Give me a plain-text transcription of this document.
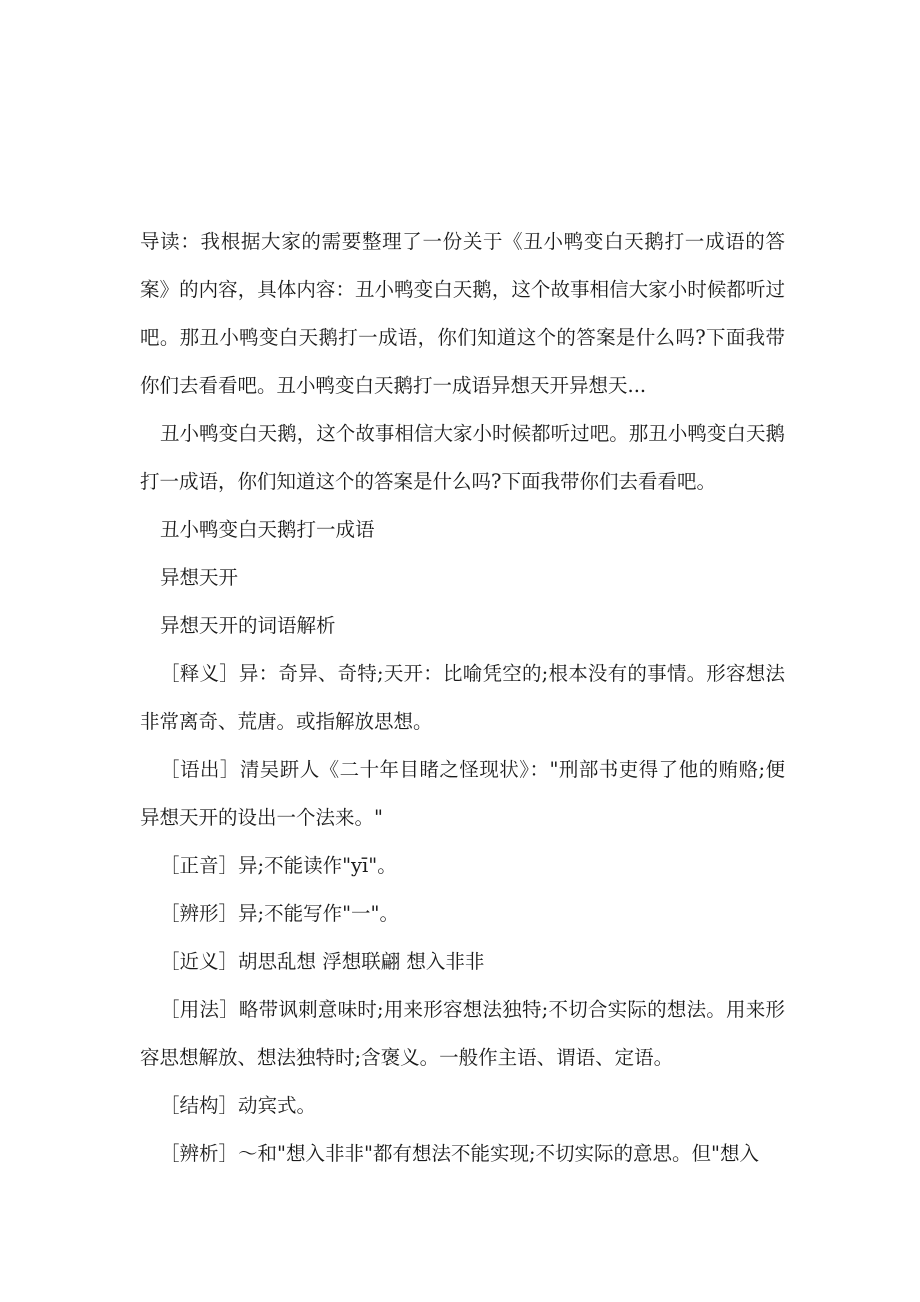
导读：我根据大家的需要整理了一份关于《丑小鸭变白天鹅打一成语的答案》的内容，具体内容：丑小鸭变白天鹅，这个故事相信大家小时候都听过吧。那丑小鸭变白天鹅打一成语，你们知道这个的答案是什么吗?下面我带你们去看看吧。丑小鸭变白天鹅打一成语异想天开异想天...

丑小鸭变白天鹅，这个故事相信大家小时候都听过吧。那丑小鸭变白天鹅打一成语，你们知道这个的答案是什么吗?下面我带你们去看看吧。

丑小鸭变白天鹅打一成语

异想天开

异想天开的词语解析

［释义］异：奇异、奇特;天开：比喻凭空的;根本没有的事情。形容想法非常离奇、荒唐。或指解放思想。

［语出］清吴趼人《二十年目睹之怪现状》："刑部书吏得了他的贿赂;便异想天开的设出一个法来。"

［正音］异;不能读作"yī"。

［辨形］异;不能写作"一"。

［近义］胡思乱想 浮想联翩 想入非非

［用法］略带讽刺意味时;用来形容想法独特;不切合实际的想法。用来形容思想解放、想法独特时;含褒义。一般作主语、谓语、定语。

［结构］动宾式。

［辨析］～和"想入非非"都有想法不能实现;不切实际的意思。但"想入
